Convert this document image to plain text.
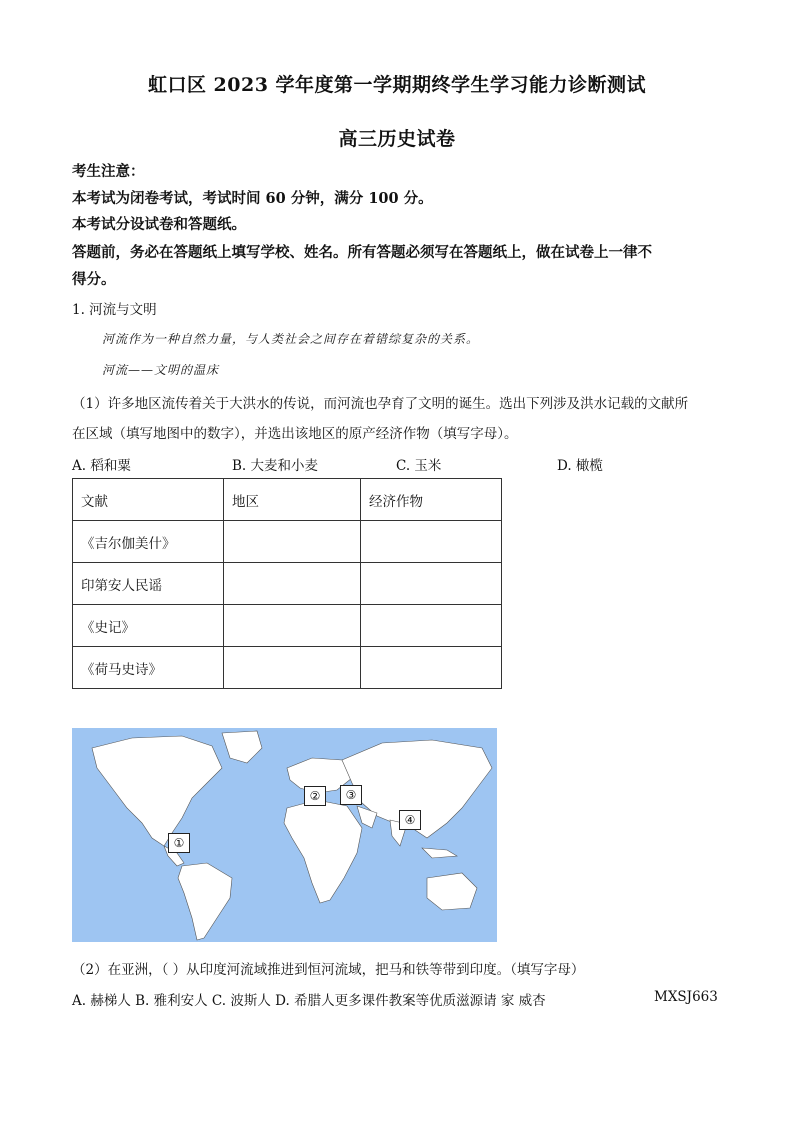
虹口区 2023 学年度第一学期期终学生学习能力诊断测试
高三历史试卷
考生注意：
本考试为闭卷考试，考试时间 60 分钟，满分 100 分。
本考试分设试卷和答题纸。
答题前，务必在答题纸上填写学校、姓名。所有答题必须写在答题纸上，做在试卷上一律不
得分。
1. 河流与文明
河流作为一种自然力量，与人类社会之间存在着错综复杂的关系。
河流——文明的温床
（1）许多地区流传着关于大洪水的传说，而河流也孕育了文明的诞生。选出下列涉及洪水记载的文献所
在区域（填写地图中的数字），并选出该地区的原产经济作物（填写字母）。
A. 稻和粟	B. 大麦和小麦	C. 玉米	D. 橄榄
文献	地区	经济作物
《吉尔伽美什》		
印第安人民谣		
《史记》		
《荷马史诗》		
①
②	③
④
（2）在亚洲，（ ）从印度河流域推进到恒河流域，把马和铁等带到印度。（填写字母）
A. 赫梯人 B. 雅利安人 C. 波斯人 D. 希腊人更多课件教案等优质滋源请 家 威杏	MXSJ663
